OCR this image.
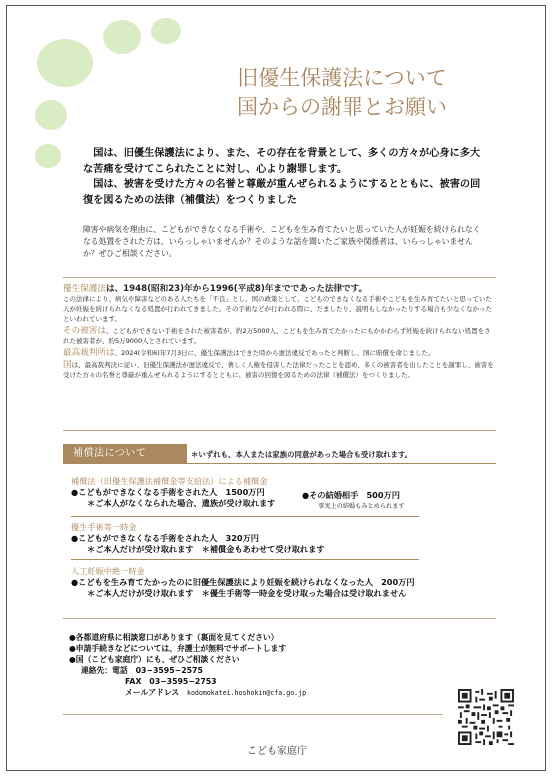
旧優生保護法について
国からの謝罪とお願い

国は、旧優生保護法により、また、その存在を背景として、多くの方々が心身に多大な苦痛を受けてこられたことに対し、心より謝罪します。

国は、被害を受けた方々の名誉と尊厳が重んぜられるようにするとともに、被害の回復を図るための法律（補償法）をつくりました

障害や病気を理由に、こどもができなくなる手術や、こどもを生み育てたいと思っていた人が妊娠を続けられなくなる処置をされた方は、いらっしゃいませんか？そのような話を聞いたご家族や関係者は、いらっしゃいませんか？ぜひご相談ください。

優生保護法は、1948(昭和23)年から1996(平成8)年までであった法律です。
この法律により、病気や障害などのある人たちを「不良」とし、国の政策として、こどものできなくなる手術やこどもを生み育てたいと思っていた人が妊娠を続けられなくなる処置が行われてきました。その手術などが行われる際に、だましたり、説明もしなかったりする場合も少なくなかったといわれています。

その被害は、こどもができない手術をされた被害者が、約2万5000人、こどもを生み育てたかったにもかかわらず妊娠を続けられない処置をされた被害者が、約5万9000人とされています。

最高裁判所は、2024(令和6)年7月3日に、優生保護法はできた時から憲法違反であったと判断し、国に賠償を命じました。

国は、最高裁判決に従い、旧優生保護法が憲法違反で、著しく人権を侵害した法律だったことを認め、多くの被害者を出したことを謝罪し、被害を受けた方々の名誉と尊厳が重んぜられるようにするとともに、被害の回復を図るための法律（補償法）をつくりました。

補償法について	＊いずれも、本人または家族の同意があった場合も受け取れます。
補償法（旧優生保護法補償金等支給法）による補償金
●こどもができなくなる手術をされた人　1500万円
＊ご本人がなくなられた場合、遺族が受け取れます
●その結婚相手　500万円
事実上の結婚もみとめられます
優生手術等一時金
●こどもができなくなる手術をされた人　320万円
＊ご本人だけが受け取れます　＊補償金もあわせて受け取れます
人工妊娠中絶一時金
●こどもを生み育てたかったのに旧優生保護法により妊娠を続けられなくなった人　200万円
＊ご本人だけが受け取れます　＊優生手術等一時金を受け取った場合は受け取れません
●各都道府県に相談窓口があります（裏面を見てください）
●申請手続きなどについては、弁護士が無料でサポートします
●国（こども家庭庁）にも、ぜひご相談ください
連絡先：電話　03−3595−2575
FAX　03−3595−2753
メールアドレス　 kodomokatei.hoshokin@cfa.go.jp
こども家庭庁
